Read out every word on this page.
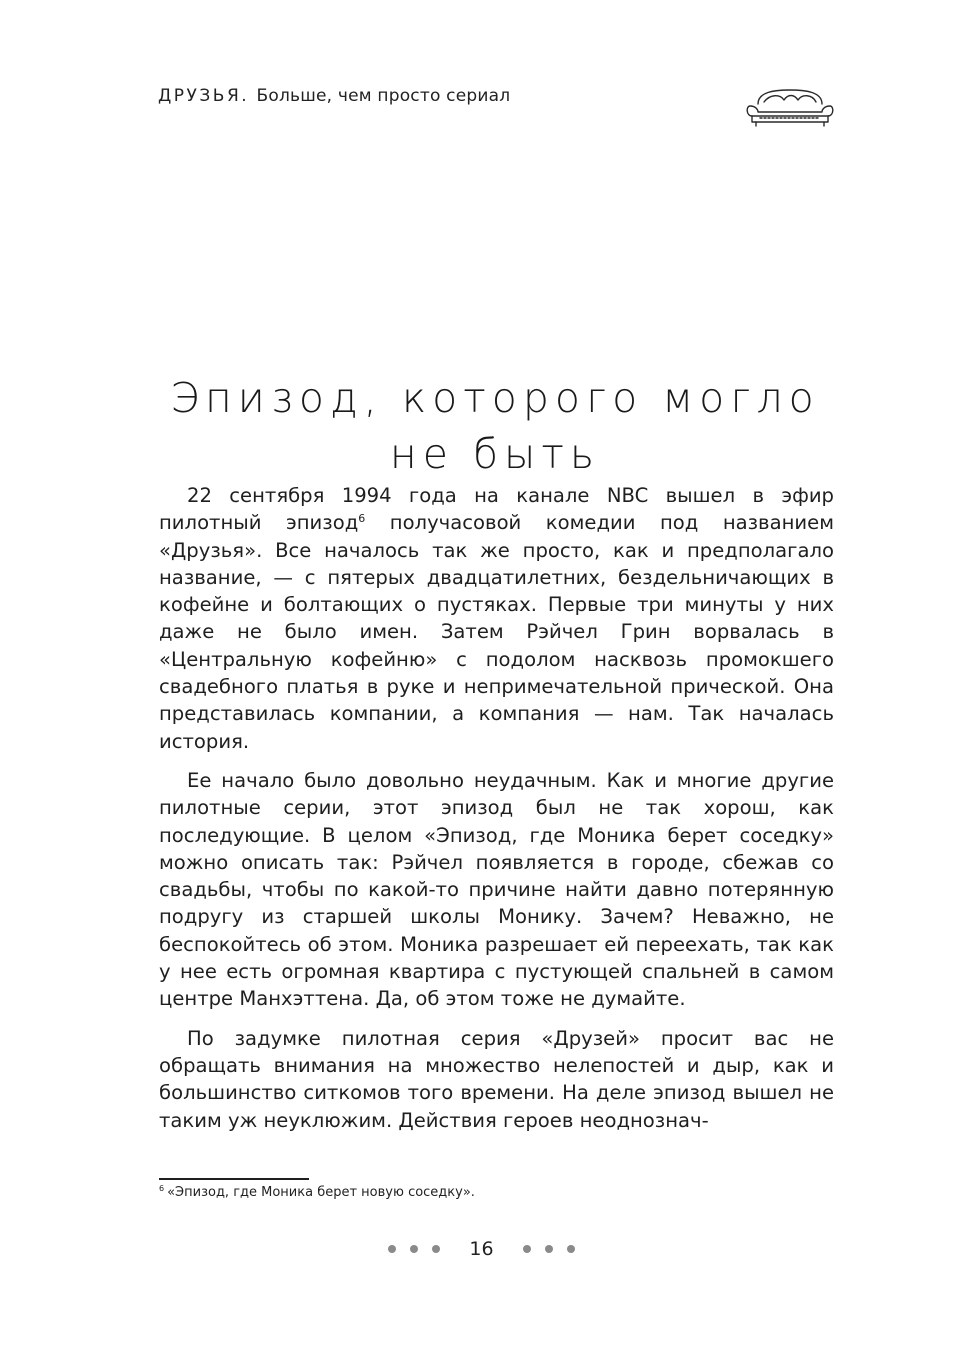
ДРУЗЬЯ. Больше, чем просто сериал
Эпизод, которого могло не быть

22 сентября 1994 года на канале NBC вышел в эфир пилотный эпизод$^6$ получасовой комедии под названием «Друзья». Все началось так же просто, как и предполагало название, — с пятерых двадцатилетних, бездельничающих в кофейне и болтающих о пустяках. Первые три минуты у них даже не было имен. Затем Рэйчел Грин ворвалась в «Центральную кофейню» с подолом насквозь промокшего свадебного платья в руке и непримечательной прической. Она представилась компании, а компания — нам. Так началась история.

Ее начало было довольно неудачным. Как и многие другие пилотные серии, этот эпизод был не так хорош, как последующие. В целом «Эпизод, где Моника берет соседку» можно описать так: Рэйчел появляется в городе, сбежав со свадьбы, чтобы по какой-то причине найти давно потерянную подругу из старшей школы Монику. Зачем? Неважно, не беспокойтесь об этом. Моника разрешает ей переехать, так как у нее есть огромная квартира с пустующей спальней в самом центре Манхэттена. Да, об этом тоже не думайте.

По задумке пилотная серия «Друзей» просит вас не обращать внимания на множество нелепостей и дыр, как и большинство ситкомов того времени. На деле эпизод вышел не таким уж неуклюжим. Действия героев неоднознач-

$^6$ «Эпизод, где Моника берет новую соседку».
16
